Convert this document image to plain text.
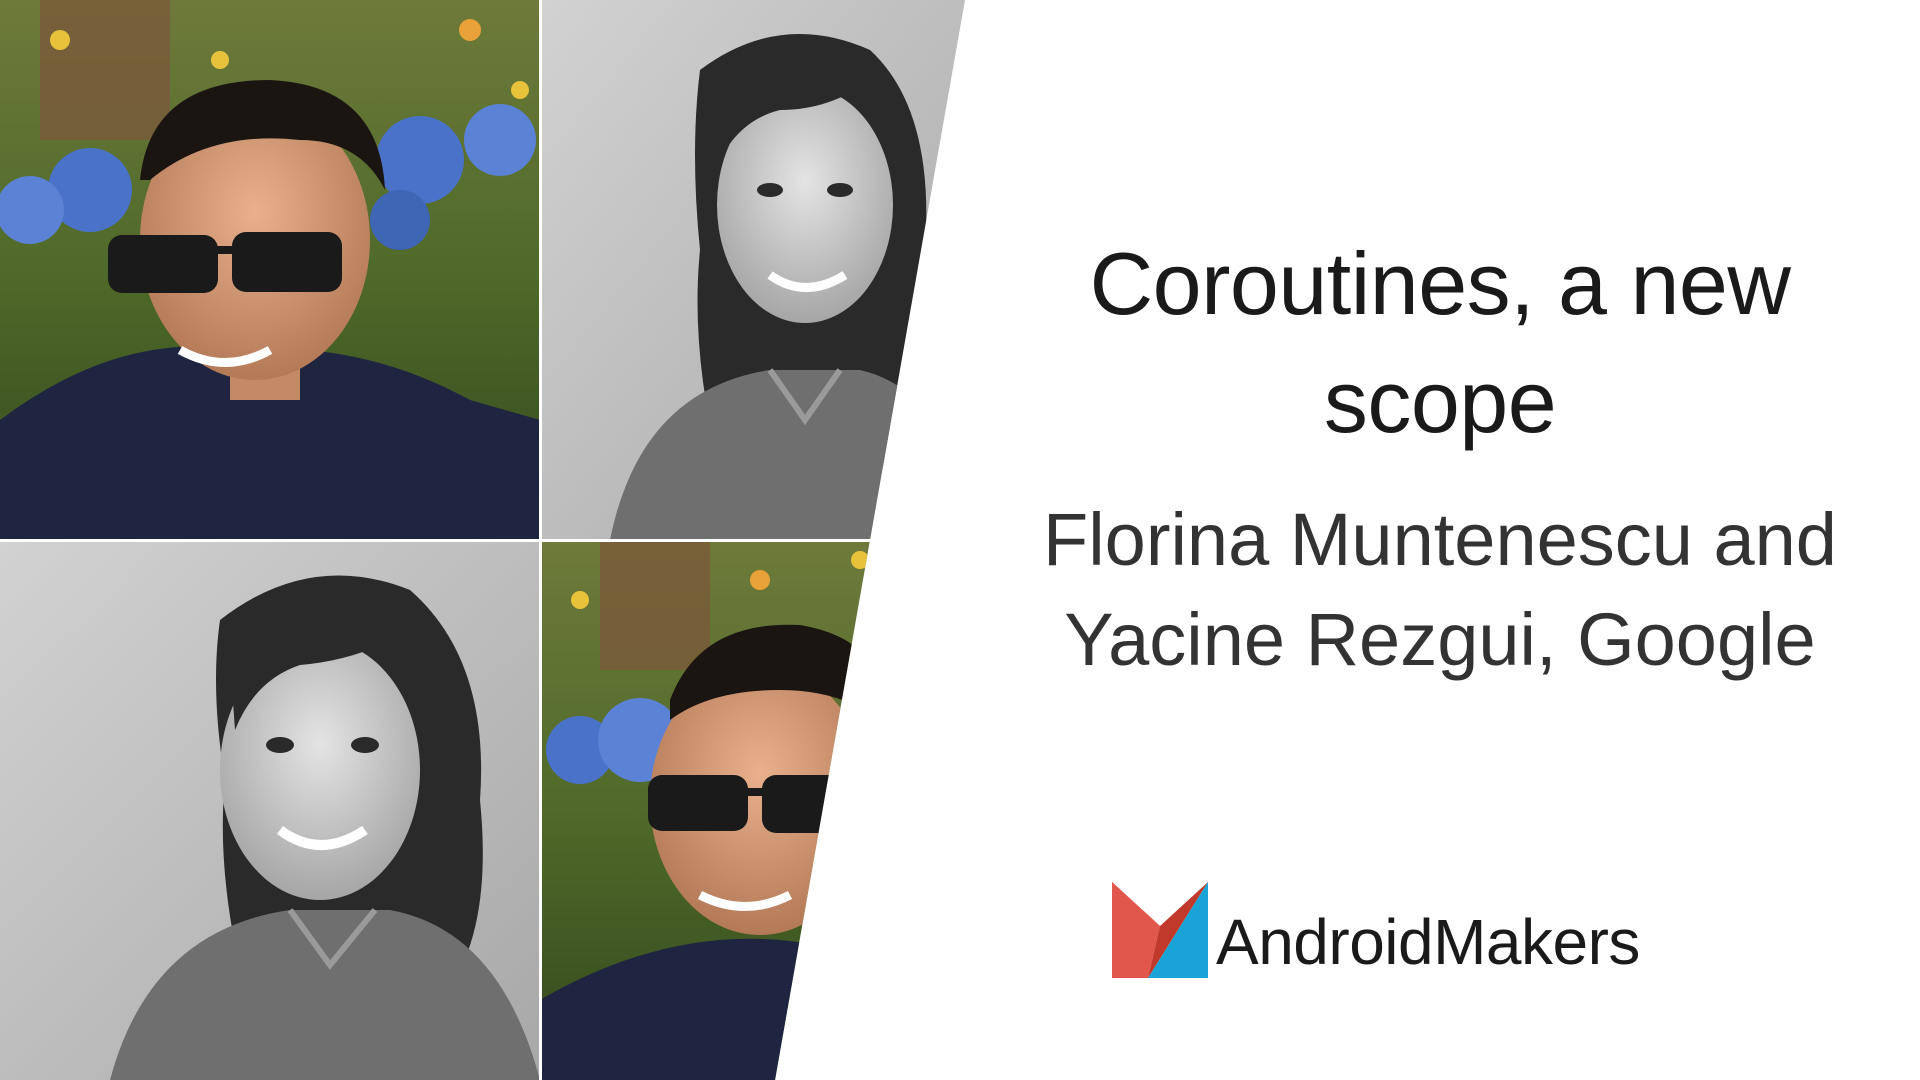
Coroutines, a new
scope
Florina Muntenescu and
Yacine Rezgui, Google
AndroidMakers
